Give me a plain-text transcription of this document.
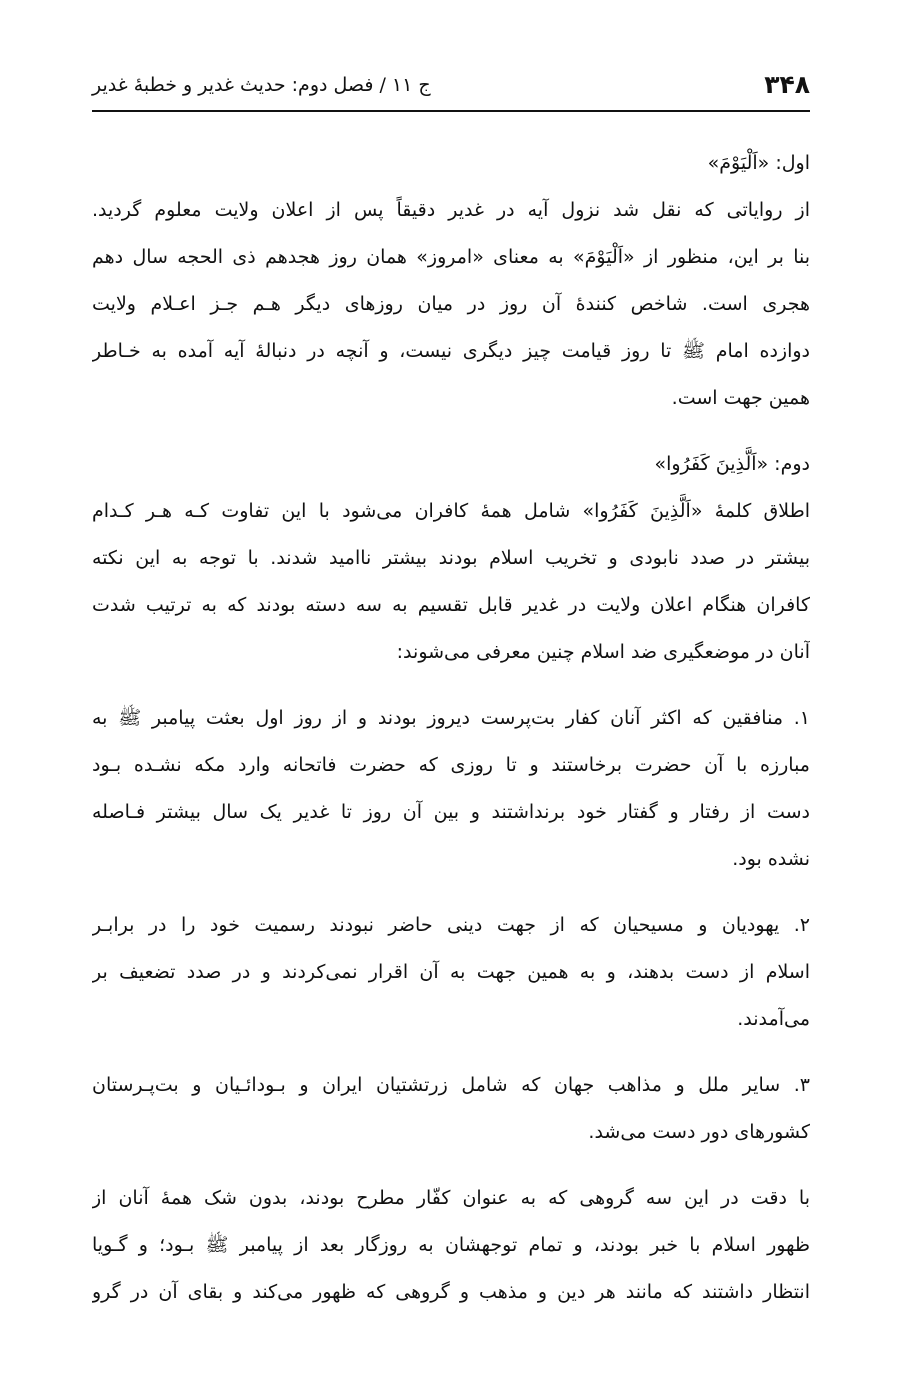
۳۴۸
ج ۱۱ / فصل دوم: حدیث غدیر و خطبهٔ غدیر
اول: «اَلْیَوْمَ»
از روایاتی که نقل شد نزول آیه در غدیر دقیقاً پس از اعلان ولایت معلوم گردید.
بنا بر این، منظور از «اَلْیَوْمَ» به معنای «امروز» همان روز هجدهم ذی الحجه سال دهم
هجری است. شاخص کنندهٔ آن روز در میان روزهای دیگر هـم جـز اعـلام ولایت
دوازده امام ﷺ تا روز قیامت چیز دیگری نیست، و آنچه در دنبالهٔ آیه آمده به خـاطر
همین جهت است.
دوم: «اَلَّذِینَ کَفَرُوا»
اطلاق کلمهٔ «اَلَّذِینَ کَفَرُوا» شامل همهٔ کافران می‌شود با این تفاوت کـه هـر کـدام
بیشتر در صدد نابودی و تخریب اسلام بودند بیشتر ناامید شدند. با توجه به این نکته
کافران هنگام اعلان ولایت در غدیر قابل تقسیم به سه دسته بودند که به ترتیب شدت
آنان در موضعگیری ضد اسلام چنین معرفی می‌شوند:
۱. منافقین که اکثر آنان کفار بت‌پرست دیروز بودند و از روز اول بعثت پیامبر ﷺ به
مبارزه با آن حضرت برخاستند و تا روزی که حضرت فاتحانه وارد مکه نشـده بـود
دست از رفتار و گفتار خود برنداشتند و بین آن روز تا غدیر یک سال بیشتر فـاصله
نشده بود.
۲. یهودیان و مسیحیان که از جهت دینی حاضر نبودند رسمیت خود را در برابـر
اسلام از دست بدهند، و به همین جهت به آن اقرار نمی‌کردند و در صدد تضعیف بر
می‌آمدند.
۳. سایر ملل و مذاهب جهان که شامل زرتشتیان ایران و بـودائـیان و بت‌پـرستان
کشورهای دور دست می‌شد.
با دقت در این سه گروهی که به عنوان کفّار مطرح بودند، بدون شک همهٔ آنان از
ظهور اسلام با خبر بودند، و تمام توجهشان به روزگار بعد از پیامبر ﷺ بـود؛ و گـویا
انتظار داشتند که مانند هر دین و مذهب و گروهی که ظهور می‌کند و بقای آن در گرو
